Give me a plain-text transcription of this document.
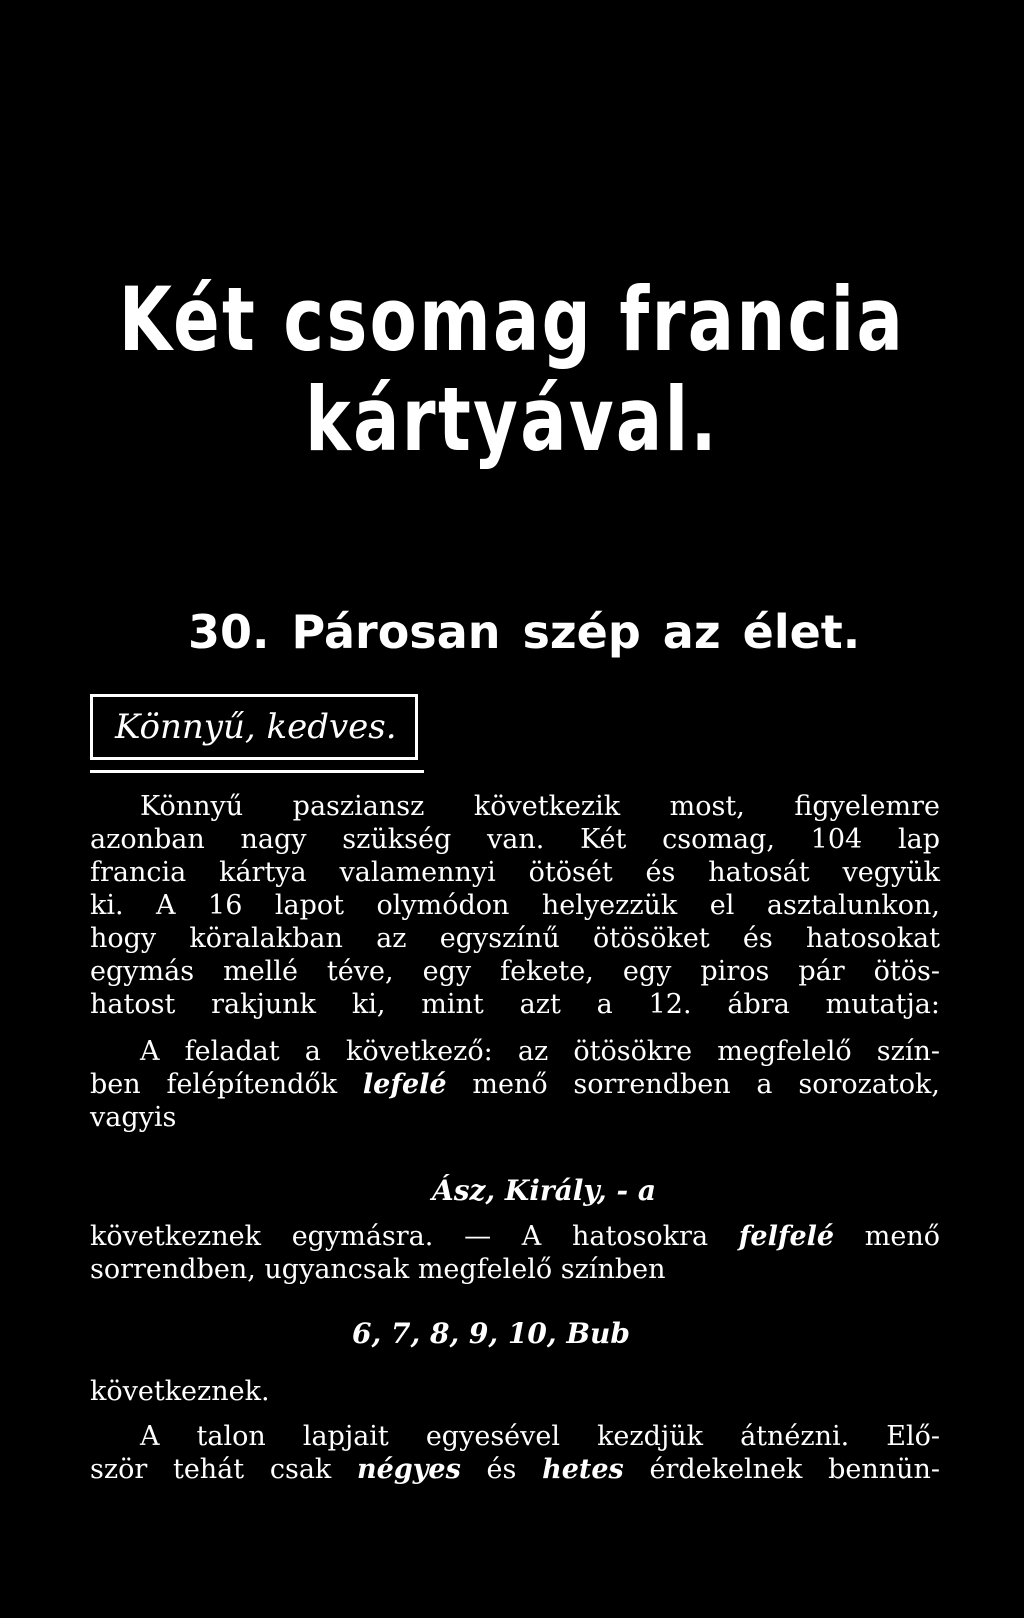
Két csomag francia
kártyával.
30. Párosan szép az élet.
Könnyű, kedves.
Könnyű pasziansz következik most, figyelemre
azonban nagy szükség van. Két csomag, 104 lap
francia kártya valamennyi ötösét és hatosát vegyük
ki. A 16 lapot olymódon helyezzük el asztalunkon,
hogy köralakban az egyszínű ötösöket és hatosokat
egymás mellé téve, egy fekete, egy piros pár ötös-
hatost rakjunk ki, mint azt a 12. ábra mutatja:
A feladat a következő: az ötösökre megfelelő szín-
ben felépítendők lefelé menő sorrendben a sorozatok,
vagyis
Ász, Király, - a
következnek egymásra. — A hatosokra felfelé menő
sorrendben, ugyancsak megfelelő színben
6, 7, 8, 9, 10, Bub
következnek.
A talon lapjait egyesével kezdjük átnézni. Elő-
ször tehát csak négyes és hetes érdekelnek bennün-
